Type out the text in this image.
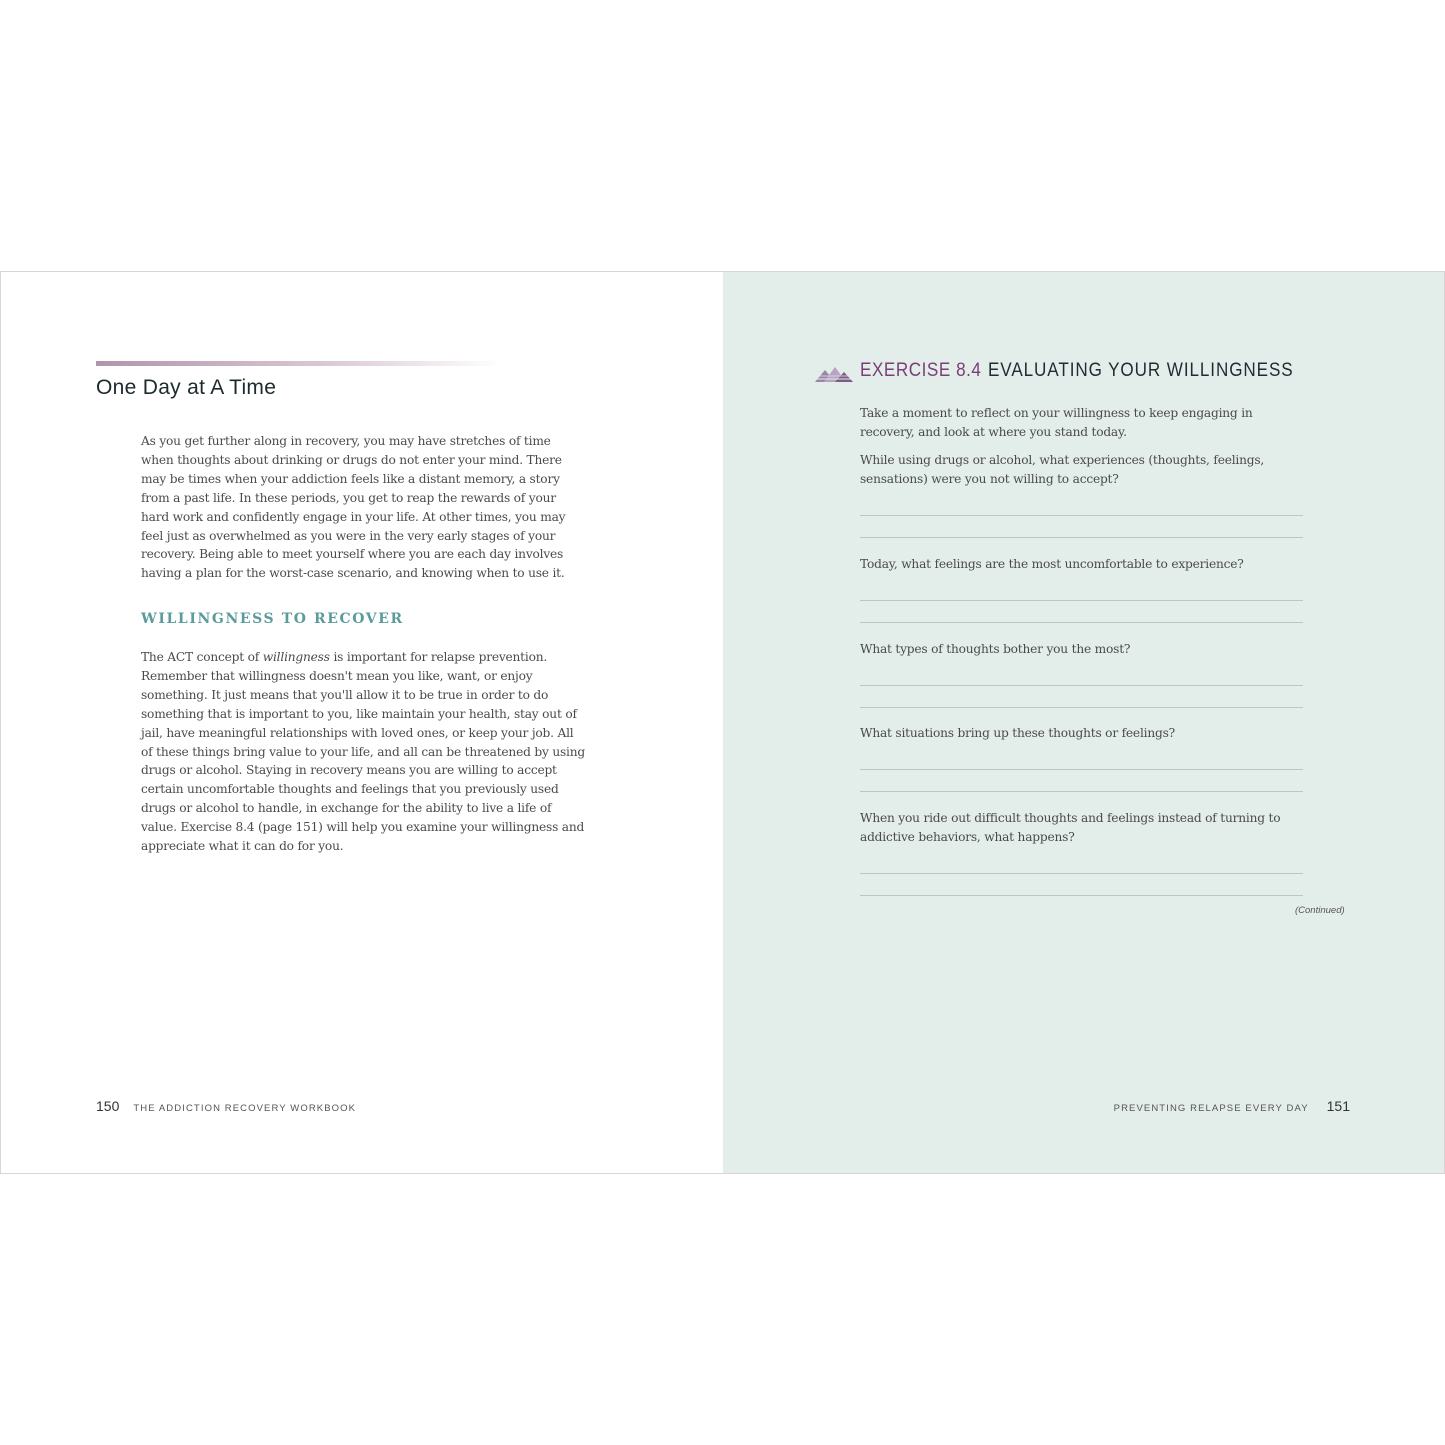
One Day at A Time

As you get further along in recovery, you may have stretches of time when thoughts about drinking or drugs do not enter your mind. There may be times when your addiction feels like a distant memory, a story from a past life. In these periods, you get to reap the rewards of your hard work and confidently engage in your life. At other times, you may feel just as overwhelmed as you were in the very early stages of your recovery. Being able to meet yourself where you are each day involves having a plan for the worst-case scenario, and knowing when to use it.

WILLINGNESS TO RECOVER

The ACT concept of willingness is important for relapse prevention. Remember that willingness doesn't mean you like, want, or enjoy something. It just means that you'll allow it to be true in order to do something that is important to you, like maintain your health, stay out of jail, have meaningful relationships with loved ones, or keep your job. All of these things bring value to your life, and all can be threatened by using drugs or alcohol. Staying in recovery means you are willing to accept certain uncomfortable thoughts and feelings that you previously used drugs or alcohol to handle, in exchange for the ability to live a life of value. Exercise 8.4 (page 151) will help you examine your willingness and appreciate what it can do for you.

150 THE ADDICTION RECOVERY WORKBOOK
EXERCISE 8.4 EVALUATING YOUR WILLINGNESS

Take a moment to reflect on your willingness to keep engaging in recovery, and look at where you stand today.

While using drugs or alcohol, what experiences (thoughts, feelings, sensations) were you not willing to accept?

Today, what feelings are the most uncomfortable to experience?

What types of thoughts bother you the most?

What situations bring up these thoughts or feelings?

When you ride out difficult thoughts and feelings instead of turning to addictive behaviors, what happens?

(Continued)
PREVENTING RELAPSE EVERY DAY 151
